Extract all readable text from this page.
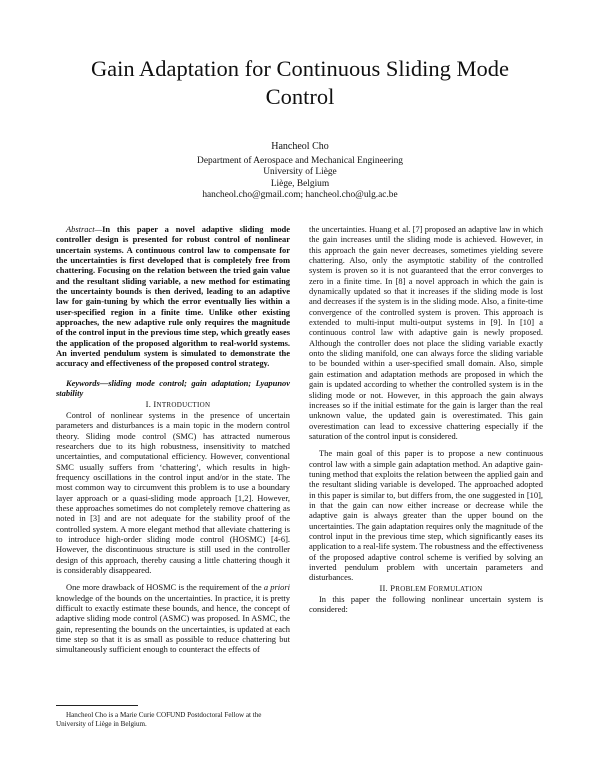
Gain Adaptation for Continuous Sliding Mode
Control
Hancheol Cho
Department of Aerospace and Mechanical Engineering
University of Liège
Liège, Belgium
hancheol.cho@gmail.com; hancheol.cho@ulg.ac.be

Abstract—In this paper a novel adaptive sliding mode controller design is presented for robust control of nonlinear uncertain systems. A continuous control law to compensate for the uncertainties is first developed that is completely free from chattering. Focusing on the relation between the tried gain value and the resultant sliding variable, a new method for estimating the uncertainty bounds is then derived, leading to an adaptive law for gain-tuning by which the error eventually lies within a user-specified region in a finite time. Unlike other existing approaches, the new adaptive rule only requires the magnitude of the control input in the previous time step, which greatly eases the application of the proposed algorithm to real-world systems. An inverted pendulum system is simulated to demonstrate the accuracy and effectiveness of the proposed control strategy.

Keywords—sliding mode control; gain adaptation; Lyapunov stability

I. INTRODUCTION

Control of nonlinear systems in the presence of uncertain parameters and disturbances is a main topic in the modern control theory. Sliding mode control (SMC) has attracted numerous researchers due to its high robustness, insensitivity to matched uncertainties, and computational efficiency. However, conventional SMC usually suffers from ‘chattering’, which results in high-frequency oscillations in the control input and/or in the state. The most common way to circumvent this problem is to use a boundary layer approach or a quasi-sliding mode approach [1,2]. However, these approaches sometimes do not completely remove chattering as noted in [3] and are not adequate for the stability proof of the controlled system. A more elegant method that alleviate chattering is to introduce high-order sliding mode control (HOSMC) [4-6]. However, the discontinuous structure is still used in the controller design of this approach, thereby causing a little chattering though it is considerably disappeared.

One more drawback of HOSMC is the requirement of the a priori knowledge of the bounds on the uncertainties. In practice, it is pretty difficult to exactly estimate these bounds, and hence, the concept of adaptive sliding mode control (ASMC) was proposed. In ASMC, the gain, representing the bounds on the uncertainties, is updated at each time step so that it is as small as possible to reduce chattering but simultaneously sufficient enough to counteract the effects of

Hancheol Cho is a Marie Curie COFUND Postdoctoral Fellow at the University of Liège in Belgium.

the uncertainties. Huang et al. [7] proposed an adaptive law in which the gain increases until the sliding mode is achieved. However, in this approach the gain never decreases, sometimes yielding severe chattering. Also, only the asymptotic stability of the controlled system is proven so it is not guaranteed that the error converges to zero in a finite time. In [8] a novel approach in which the gain is dynamically updated so that it increases if the sliding mode is lost and decreases if the system is in the sliding mode. Also, a finite-time convergence of the controlled system is proven. This approach is extended to multi-input multi-output systems in [9]. In [10] a continuous control law with adaptive gain is newly proposed. Although the controller does not place the sliding variable exactly onto the sliding manifold, one can always force the sliding variable to be bounded within a user-specified small domain. Also, simple gain estimation and adaptation methods are proposed in which the gain is updated according to whether the controlled system is in the sliding mode or not. However, in this approach the gain always increases so if the initial estimate for the gain is larger than the real unknown value, the updated gain is overestimated. This gain overestimation can lead to excessive chattering especially if the saturation of the control input is considered.

The main goal of this paper is to propose a new continuous control law with a simple gain adaptation method. An adaptive gain-tuning method that exploits the relation between the applied gain and the resultant sliding variable is developed. The approached adopted in this paper is similar to, but differs from, the one suggested in [10], in that the gain can now either increase or decrease while the adaptive gain is always greater than the upper bound on the uncertainties. The gain adaptation requires only the magnitude of the control input in the previous time step, which significantly eases its application to a real-life system. The robustness and the effectiveness of the proposed adaptive control scheme is verified by solving an inverted pendulum problem with uncertain parameters and disturbances.

II. PROBLEM FORMULATION

In this paper the following nonlinear uncertain system is considered:
